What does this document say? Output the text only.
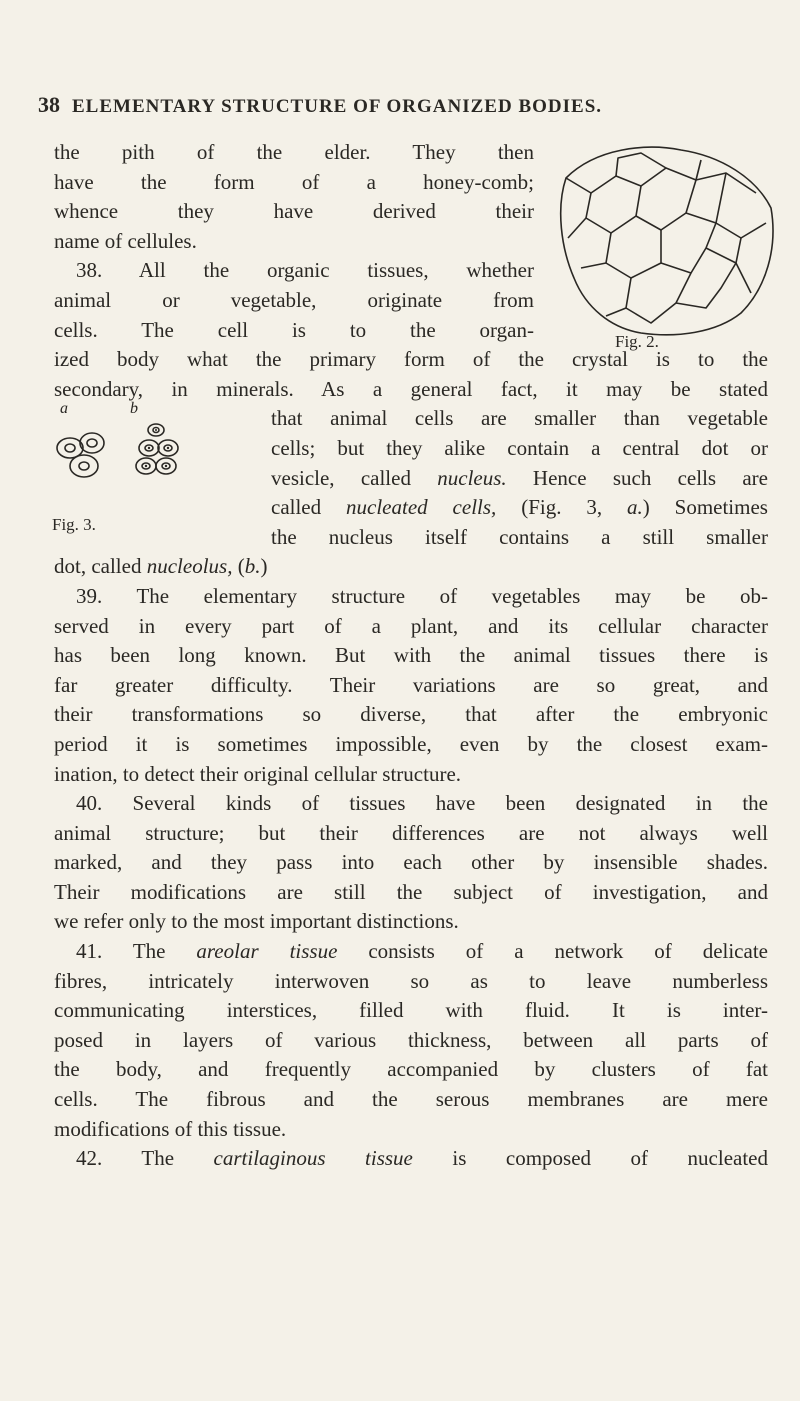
38 ELEMENTARY STRUCTURE OF ORGANIZED BODIES.
Fig. 2.
a	b
Fig. 3.
the pith of the elder. They then
have the form of a honey-comb;
whence they have derived their
name of cellules.
38. All the organic tissues, whether
animal or vegetable, originate from
cells. The cell is to the organ-
ized body what the primary form of the crystal is to the
secondary, in minerals. As a general fact, it may be stated
that animal cells are smaller than vegetable
cells; but they alike contain a central dot or
vesicle, called nucleus. Hence such cells are
called nucleated cells, (Fig. 3, a.) Sometimes
the nucleus itself contains a still smaller
dot, called nucleolus, (b.)
39. The elementary structure of vegetables may be ob-
served in every part of a plant, and its cellular character
has been long known. But with the animal tissues there is
far greater difficulty. Their variations are so great, and
their transformations so diverse, that after the embryonic
period it is sometimes impossible, even by the closest exam-
ination, to detect their original cellular structure.
40. Several kinds of tissues have been designated in the
animal structure; but their differences are not always well
marked, and they pass into each other by insensible shades.
Their modifications are still the subject of investigation, and
we refer only to the most important distinctions.
41. The areolar tissue consists of a network of delicate
fibres, intricately interwoven so as to leave numberless
communicating interstices, filled with fluid. It is inter-
posed in layers of various thickness, between all parts of
the body, and frequently accompanied by clusters of fat
cells. The fibrous and the serous membranes are mere
modifications of this tissue.
42. The cartilaginous tissue is composed of nucleated
